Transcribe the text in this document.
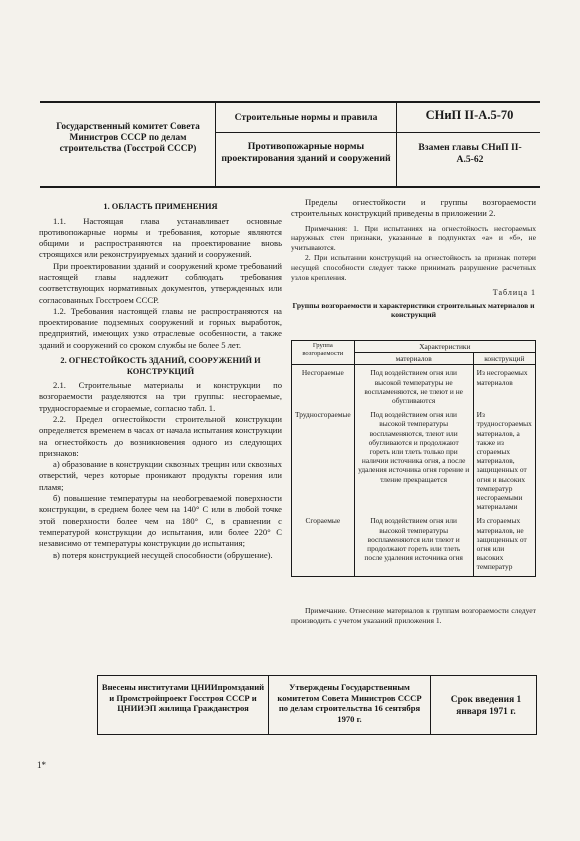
Государственный комитет Совета Министров СССР по делам строительства (Госстрой СССР)
Строительные нормы и правила
Противопожарные нормы проектирования зданий и сооружений
СНиП II-А.5-70
Взамен главы СНиП II-А.5-62

1. ОБЛАСТЬ ПРИМЕНЕНИЯ

1.1. Настоящая глава устанавливает основные противопожарные нормы и требования, которые являются общими и распространяются на проектирование вновь строящихся или реконструируемых зданий и сооружений.

При проектировании зданий и сооружений кроме требований настоящей главы надлежит соблюдать требования соответствующих нормативных документов, утвержденных или согласованных Госстроем СССР.

1.2. Требования настоящей главы не распространяются на проектирование подземных сооружений и горных выработок, предприятий, имеющих узко отраслевые особенности, а также зданий и сооружений со сроком службы не более 5 лет.

2. ОГНЕСТОЙКОСТЬ ЗДАНИЙ, СООРУЖЕНИЙ И КОНСТРУКЦИЙ

2.1. Строительные материалы и конструкции по возгораемости разделяются на три группы: несгораемые, трудносгораемые и сгораемые, согласно табл. 1.

2.2. Предел огнестойкости строительной конструкции определяется временем в часах от начала испытания конструкции на огнестойкость до возникновения одного из следующих признаков:

а) образование в конструкции сквозных трещин или сквозных отверстий, через которые проникают продукты горения или пламя;

б) повышение температуры на необогреваемой поверхности конструкции, в среднем более чем на 140° С или в любой точке этой поверхности более чем на 180° С, в сравнении с температурой конструкции до испытания, или более 220° С независимо от температуры конструкции до испытания;

в) потеря конструкцией несущей способности (обрушение).

Пределы огнестойкости и группы возгораемости строительных конструкций приведены в приложении 2.

Примечания: 1. При испытаниях на огнестойкость несгораемых наружных стен признаки, указанные в подпунктах «а» и «б», не учитываются.

2. При испытании конструкций на огнестойкость за признак потери несущей способности следует также принимать разрушение расчетных узлов крепления.

Таблица 1

Группы возгораемости и характеристики строительных материалов и конструкций

Группа возгораемости	Характеристики	
	материалов	конструкций
Несгораемые	Под воздействием огня или высокой температуры не воспламеняются, не тлеют и не обугливаются	Из несгораемых материалов
Трудносгораемые	Под воздействием огня или высокой температуры воспламеняются, тлеют или обугливаются и продолжают гореть или тлеть только при наличии источника огня, а после удаления источника огня горение и тление прекращается	Из трудносгораемых материалов, а также из сгораемых материалов, защищенных от огня и высоких температур несгораемыми материалами
Сгораемые	Под воздействием огня или высокой температуры воспламеняются или тлеют и продолжают гореть или тлеть после удаления источника огня	Из сгораемых материалов, не защищенных от огня или высоких температур
Примечание. Отнесение материалов к группам возгораемости следует производить с учетом указаний приложения 1.
Внесены институтами ЦНИИпромзданий и Промстройпроект Госстроя СССР и ЦНИИЭП жилища Гражданстроя
Утверждены Государственным комитетом Совета Министров СССР по делам строительства 16 сентября 1970 г.
Срок введения 1 января 1971 г.
1*
